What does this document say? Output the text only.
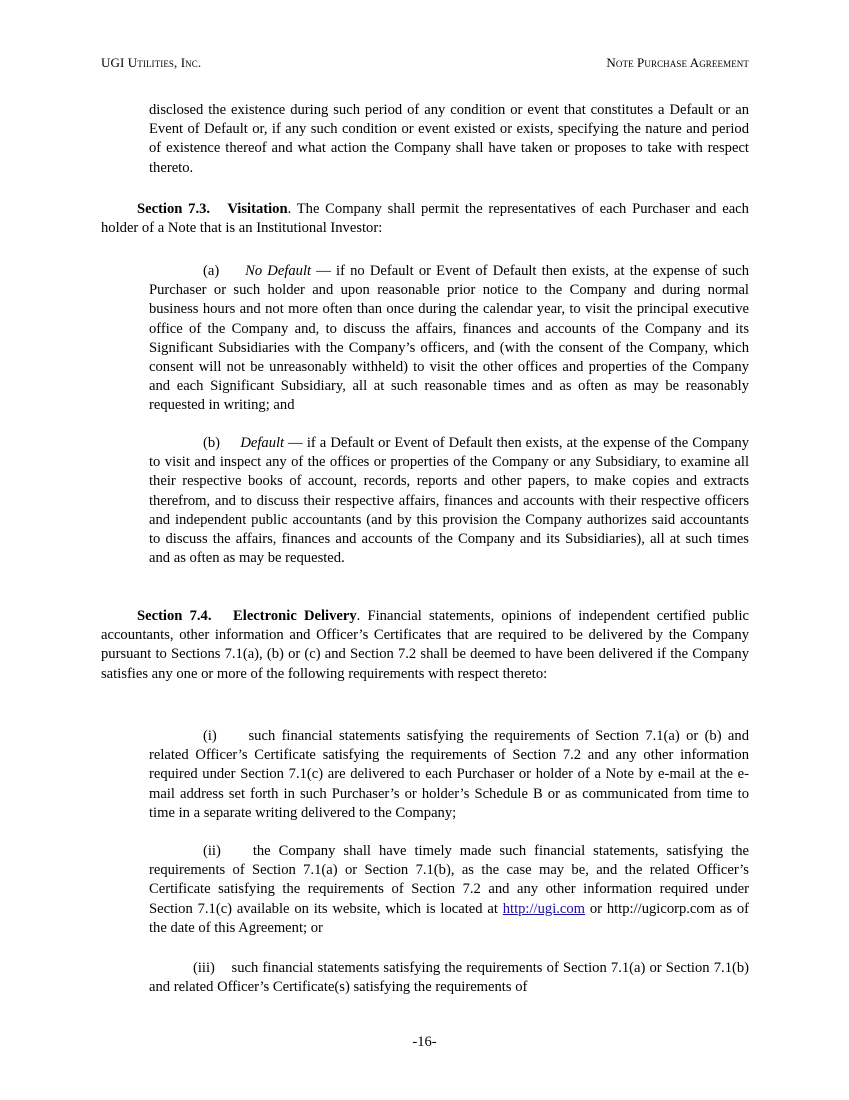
UGI Utilities, Inc.	Note Purchase Agreement
disclosed the existence during such period of any condition or event that constitutes a Default or an Event of Default or, if any such condition or event existed or exists, specifying the nature and period of existence thereof and what action the Company shall have taken or proposes to take with respect thereto.
Section 7.3. Visitation. The Company shall permit the representatives of each Purchaser and each holder of a Note that is an Institutional Investor:
(a) No Default — if no Default or Event of Default then exists, at the expense of such Purchaser or such holder and upon reasonable prior notice to the Company and during normal business hours and not more often than once during the calendar year, to visit the principal executive office of the Company and, to discuss the affairs, finances and accounts of the Company and its Significant Subsidiaries with the Company’s officers, and (with the consent of the Company, which consent will not be unreasonably withheld) to visit the other offices and properties of the Company and each Significant Subsidiary, all at such reasonable times and as often as may be reasonably requested in writing; and
(b) Default — if a Default or Event of Default then exists, at the expense of the Company to visit and inspect any of the offices or properties of the Company or any Subsidiary, to examine all their respective books of account, records, reports and other papers, to make copies and extracts therefrom, and to discuss their respective affairs, finances and accounts with their respective officers and independent public accountants (and by this provision the Company authorizes said accountants to discuss the affairs, finances and accounts of the Company and its Subsidiaries), all at such times and as often as may be requested.
Section 7.4. Electronic Delivery. Financial statements, opinions of independent certified public accountants, other information and Officer’s Certificates that are required to be delivered by the Company pursuant to Sections 7.1(a), (b) or (c) and Section 7.2 shall be deemed to have been delivered if the Company satisfies any one or more of the following requirements with respect thereto:
(i) such financial statements satisfying the requirements of Section 7.1(a) or (b) and related Officer’s Certificate satisfying the requirements of Section 7.2 and any other information required under Section 7.1(c) are delivered to each Purchaser or holder of a Note by e-mail at the e-mail address set forth in such Purchaser’s or holder’s Schedule B or as communicated from time to time in a separate writing delivered to the Company;
(ii) the Company shall have timely made such financial statements, satisfying the requirements of Section 7.1(a) or Section 7.1(b), as the case may be, and the related Officer’s Certificate satisfying the requirements of Section 7.2 and any other information required under Section 7.1(c) available on its website, which is located at http://ugi.com or http://ugicorp.com as of the date of this Agreement; or
(iii) such financial statements satisfying the requirements of Section 7.1(a) or Section 7.1(b) and related Officer’s Certificate(s) satisfying the requirements of
-16-
